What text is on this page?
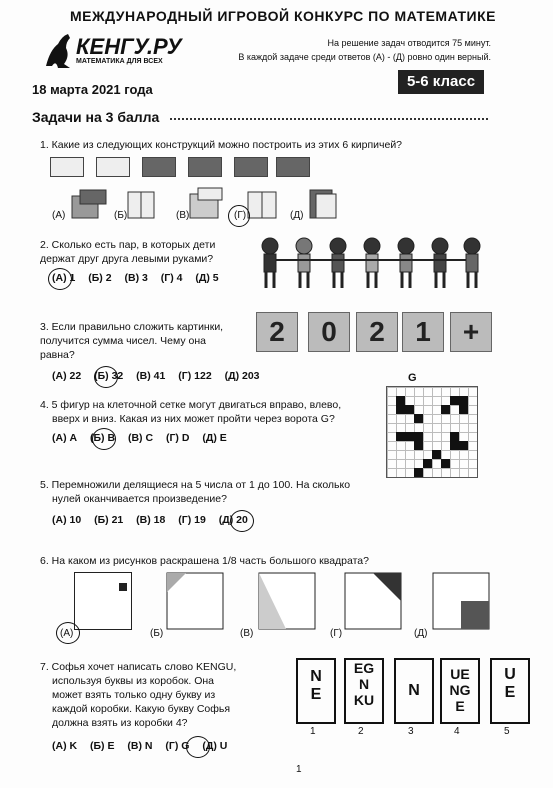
МЕЖДУНАРОДНЫЙ ИГРОВОЙ КОНКУРС ПО МАТЕМАТИКЕ
КЕНГУ.РУ
МАТЕМАТИКА ДЛЯ ВСЕХ
На решение задач отводится 75 минут.
В каждой задаче среди ответов (А) - (Д) ровно один верный.
18 марта 2021 года	5-6 класс
Задачи на 3 балла
1. Какие из следующих конструкций можно построить из этих 6 кирпичей?
(А)	(Б)	(В)	(Г)	(Д)
2. Сколько есть пар, в которых дети
держат друг друга левыми руками?
(А) 1 (Б) 2 (В) 3 (Г) 4 (Д) 5
3. Если правильно сложить картинки,
получится сумма чисел. Чему она
равна?
2	0	2	1	+
(А) 22 (Б) 32 (В) 41 (Г) 122 (Д) 203
4. 5 фигур на клеточной сетке могут двигаться вправо, влево,
вверх и вниз. Какая из них может пройти через ворота G?
(А) A (Б) B (В) C (Г) D (Д) E
G
5. Перемножили делящиеся на 5 числа от 1 до 100. На сколько
нулей оканчивается произведение?
(А) 10 (Б) 21 (В) 18 (Г) 19 (Д) 20
6. На каком из рисунков раскрашена 1/8 часть большого квадрата?
(А)	(Б)	(В)	(Г)	(Д)
7. Софья хочет написать слово KENGU,
используя буквы из коробок. Она
может взять только одну букву из
каждой коробки. Какую букву Софья
должна взять из коробки 4?
(А) K (Б) E (В) N (Г) G (Д) U
N
E
EG
N
KU
N
UE
NG
E
U
E
1	2	3	4	5
1
